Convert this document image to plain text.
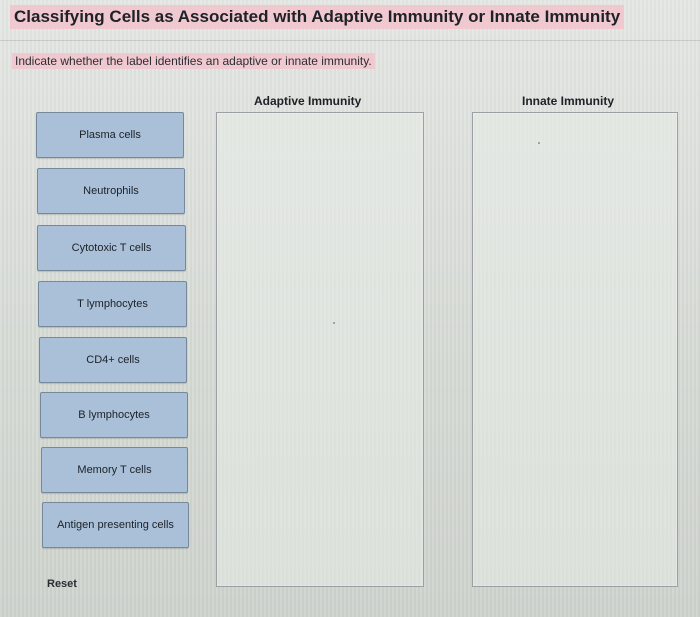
Classifying Cells as Associated with Adaptive Immunity or Innate Immunity
Indicate whether the label identifies an adaptive or innate immunity.
Adaptive Immunity	Innate Immunity
Plasma cells
Neutrophils
Cytotoxic T cells
T lymphocytes
CD4+ cells
B lymphocytes
Memory T cells
Antigen presenting cells
Reset
